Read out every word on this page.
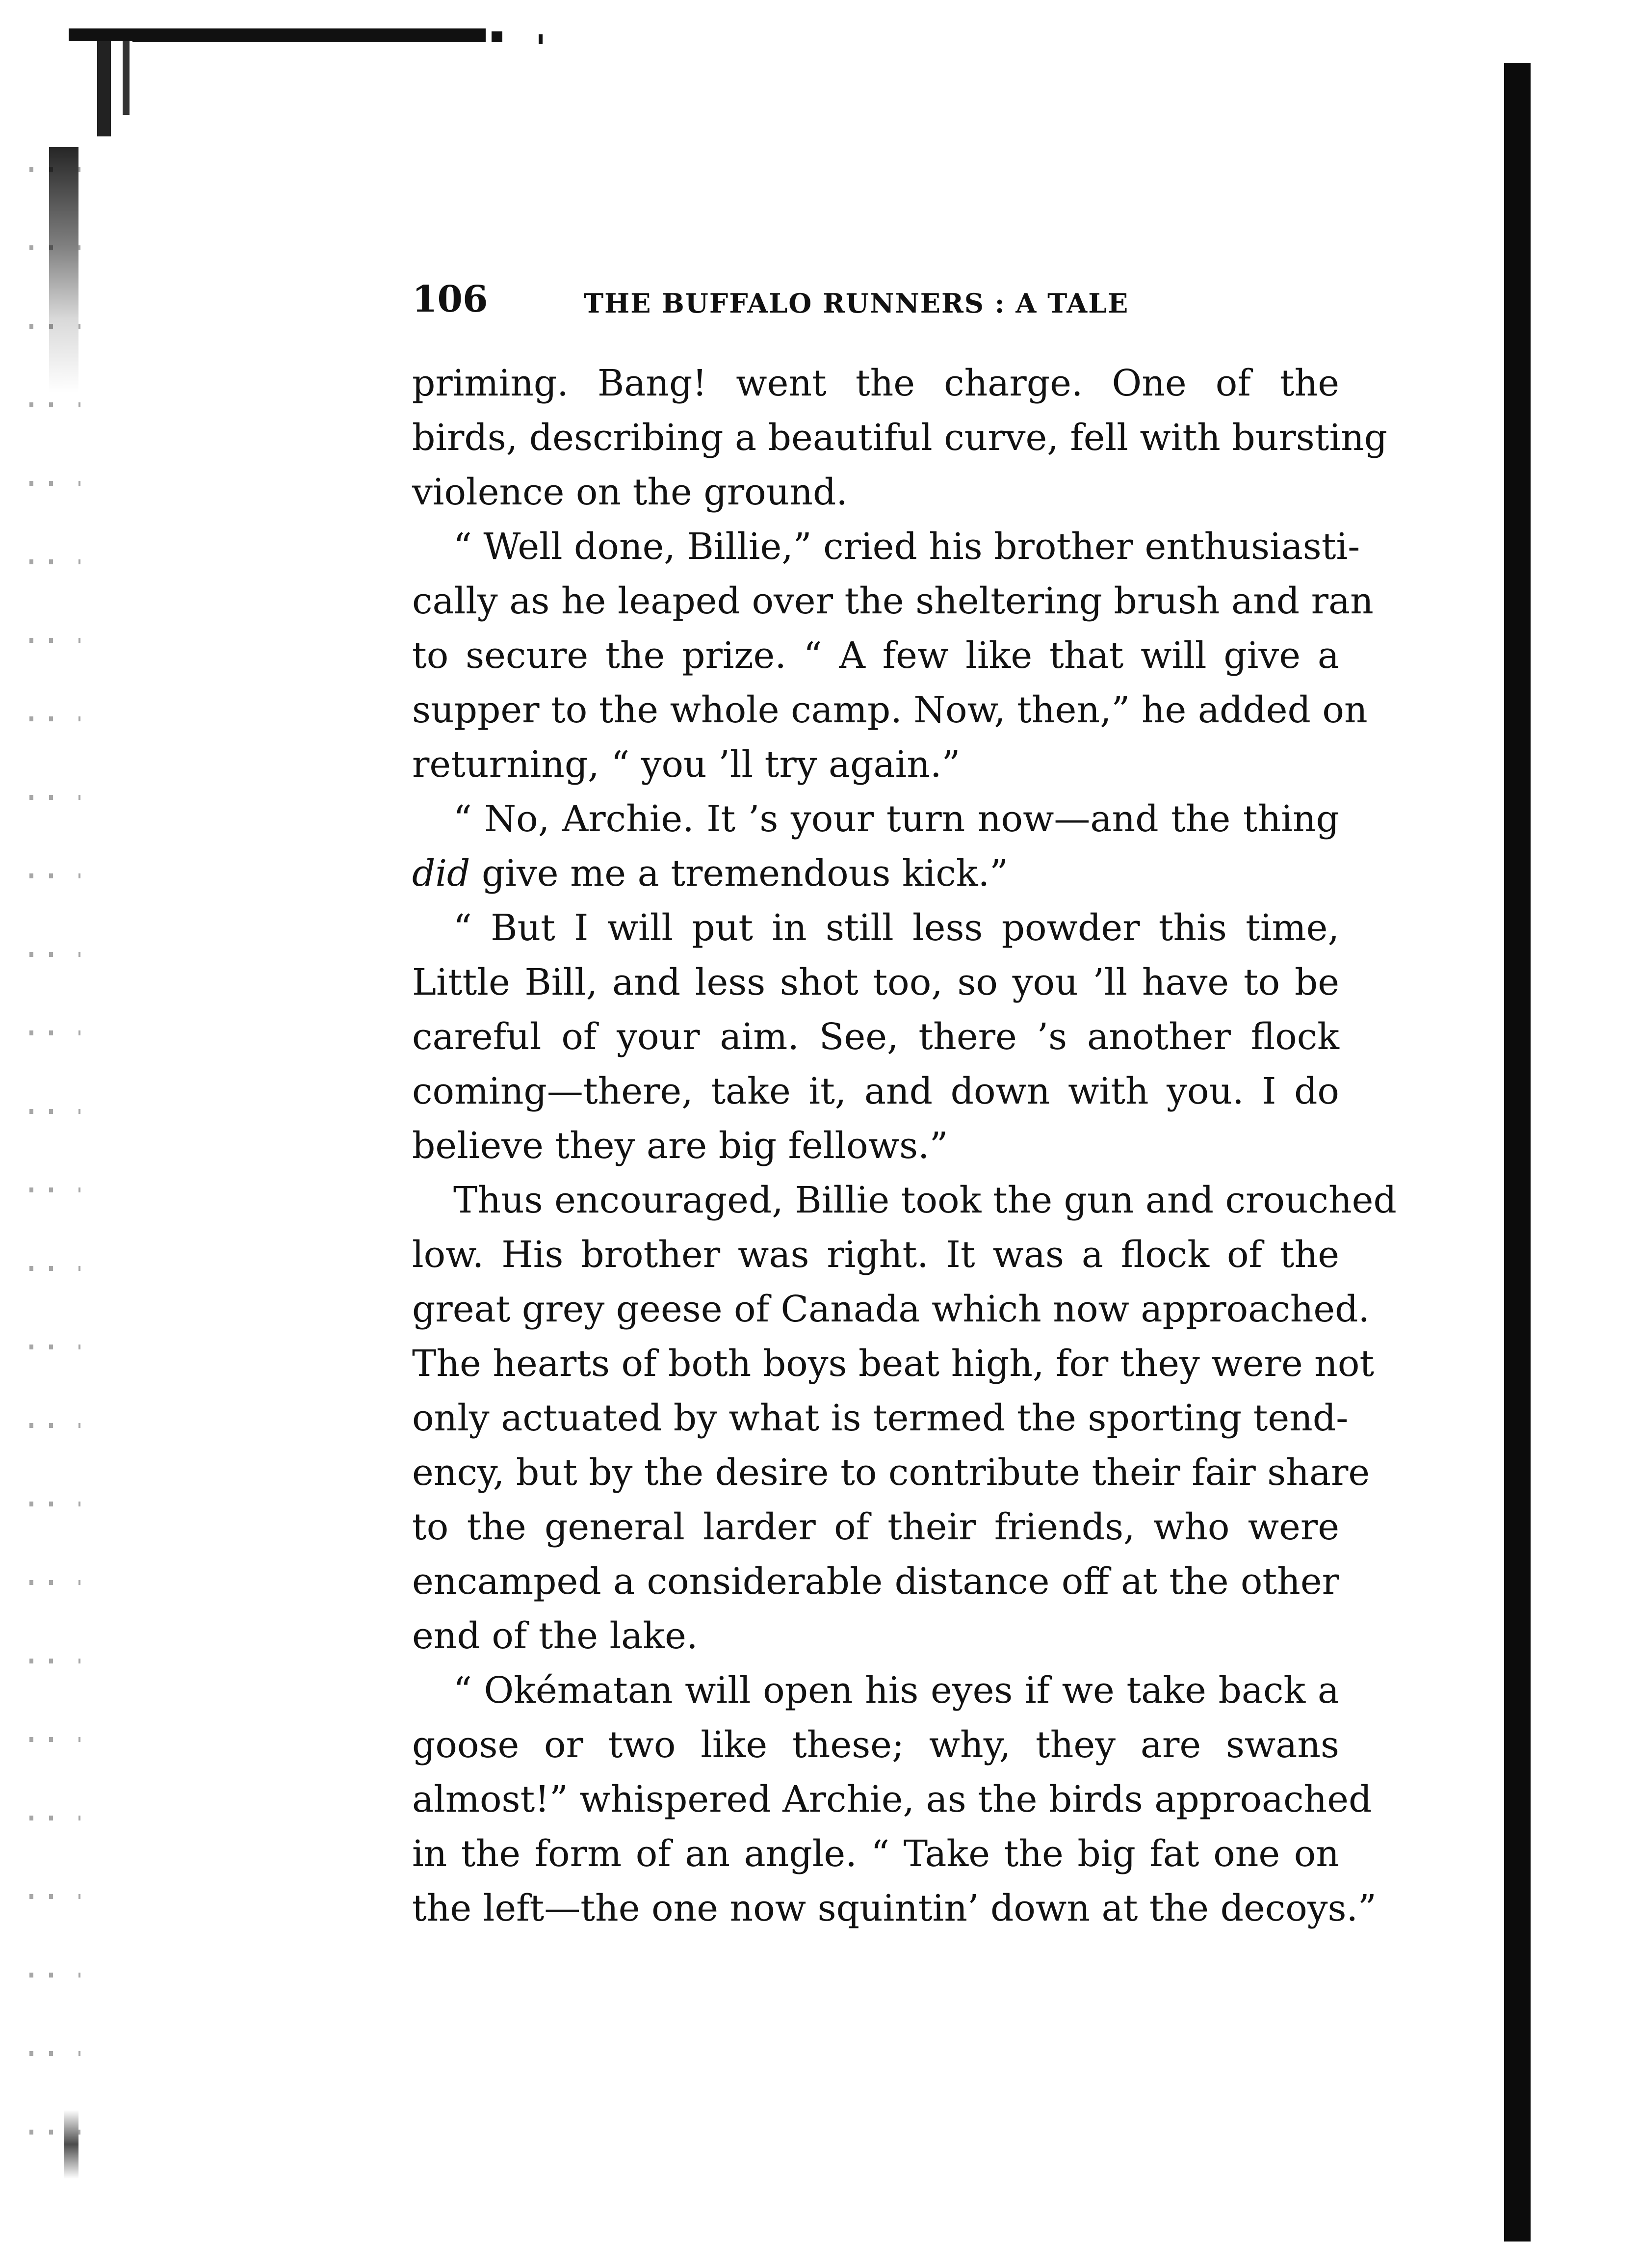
106	THE BUFFALO RUNNERS : A TALE
priming. Bang! went the charge. One of the
birds, describing a beautiful curve, fell with bursting
violence on the ground.
“ Well done, Billie,” cried his brother enthusiasti-
cally as he leaped over the sheltering brush and ran
to secure the prize. “ A few like that will give a
supper to the whole camp. Now, then,” he added on
returning, “ you ’ll try again.”
“ No, Archie. It ’s your turn now—and the thing
did give me a tremendous kick.”
“ But I will put in still less powder this time,
Little Bill, and less shot too, so you ’ll have to be
careful of your aim. See, there ’s another flock
coming—there, take it, and down with you. I do
believe they are big fellows.”
Thus encouraged, Billie took the gun and crouched
low. His brother was right. It was a flock of the
great grey geese of Canada which now approached.
The hearts of both boys beat high, for they were not
only actuated by what is termed the sporting tend-
ency, but by the desire to contribute their fair share
to the general larder of their friends, who were
encamped a considerable distance off at the other
end of the lake.
“ Okématan will open his eyes if we take back a
goose or two like these; why, they are swans
almost!” whispered Archie, as the birds approached
in the form of an angle. “ Take the big fat one on
the left—the one now squintin’ down at the decoys.”
